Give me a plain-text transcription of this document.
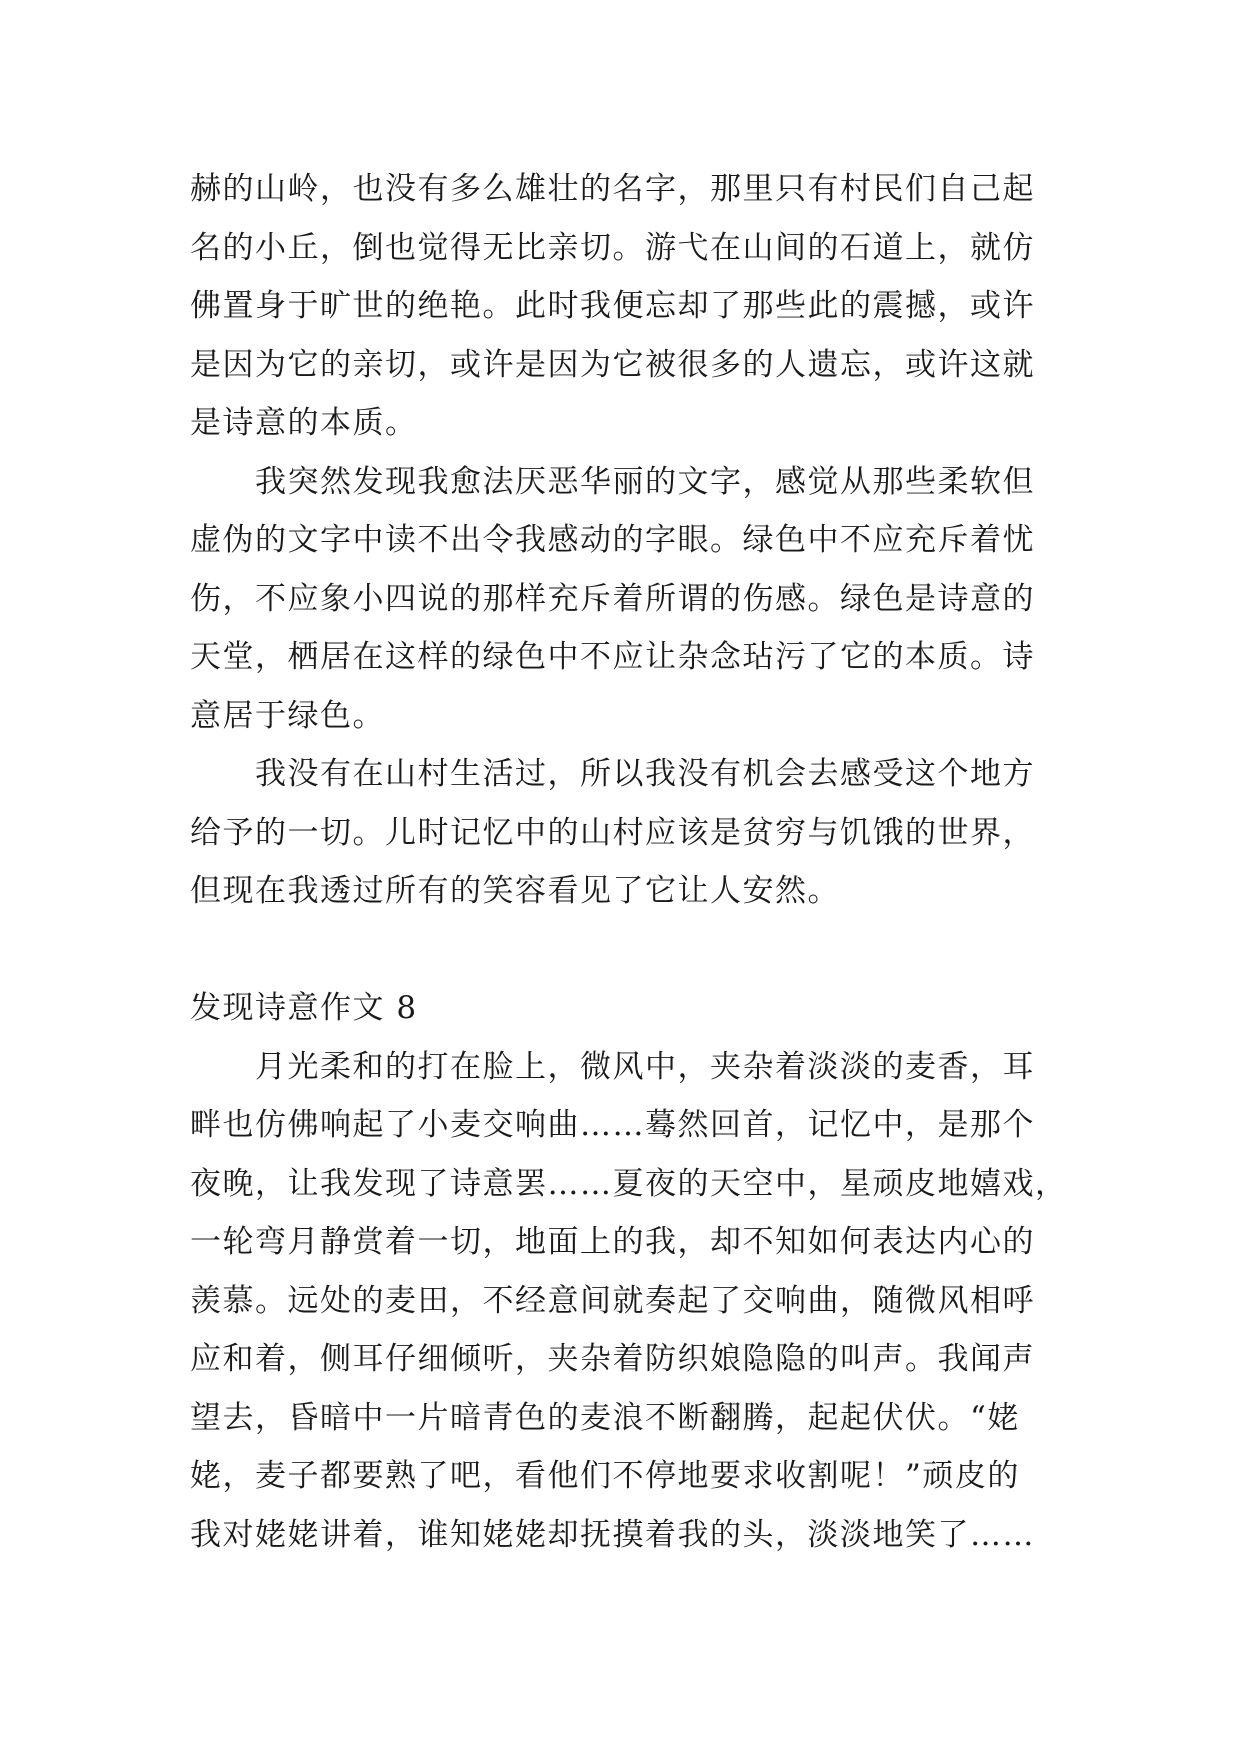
赫的山岭，也没有多么雄壮的名字，那里只有村民们自己起
名的小丘，倒也觉得无比亲切。游弋在山间的石道上，就仿
佛置身于旷世的绝艳。此时我便忘却了那些此的震撼，或许
是因为它的亲切，或许是因为它被很多的人遗忘，或许这就
是诗意的本质。
　　我突然发现我愈法厌恶华丽的文字，感觉从那些柔软但
虚伪的文字中读不出令我感动的字眼。绿色中不应充斥着忧
伤，不应象小四说的那样充斥着所谓的伤感。绿色是诗意的
天堂，栖居在这样的绿色中不应让杂念玷污了它的本质。诗
意居于绿色。
　　我没有在山村生活过，所以我没有机会去感受这个地方
给予的一切。儿时记忆中的山村应该是贫穷与饥饿的世界，
但现在我透过所有的笑容看见了它让人安然。
发现诗意作文 8
　　月光柔和的打在脸上，微风中，夹杂着淡淡的麦香，耳
畔也仿佛响起了小麦交响曲……蓦然回首，记忆中，是那个
夜晚，让我发现了诗意罢……夏夜的天空中，星顽皮地嬉戏，
一轮弯月静赏着一切，地面上的我，却不知如何表达内心的
羡慕。远处的麦田，不经意间就奏起了交响曲，随微风相呼
应和着，侧耳仔细倾听，夹杂着防织娘隐隐的叫声。我闻声
望去，昏暗中一片暗青色的麦浪不断翻腾，起起伏伏。“姥
姥，麦子都要熟了吧，看他们不停地要求收割呢！”顽皮的
我对姥姥讲着，谁知姥姥却抚摸着我的头，淡淡地笑了……
